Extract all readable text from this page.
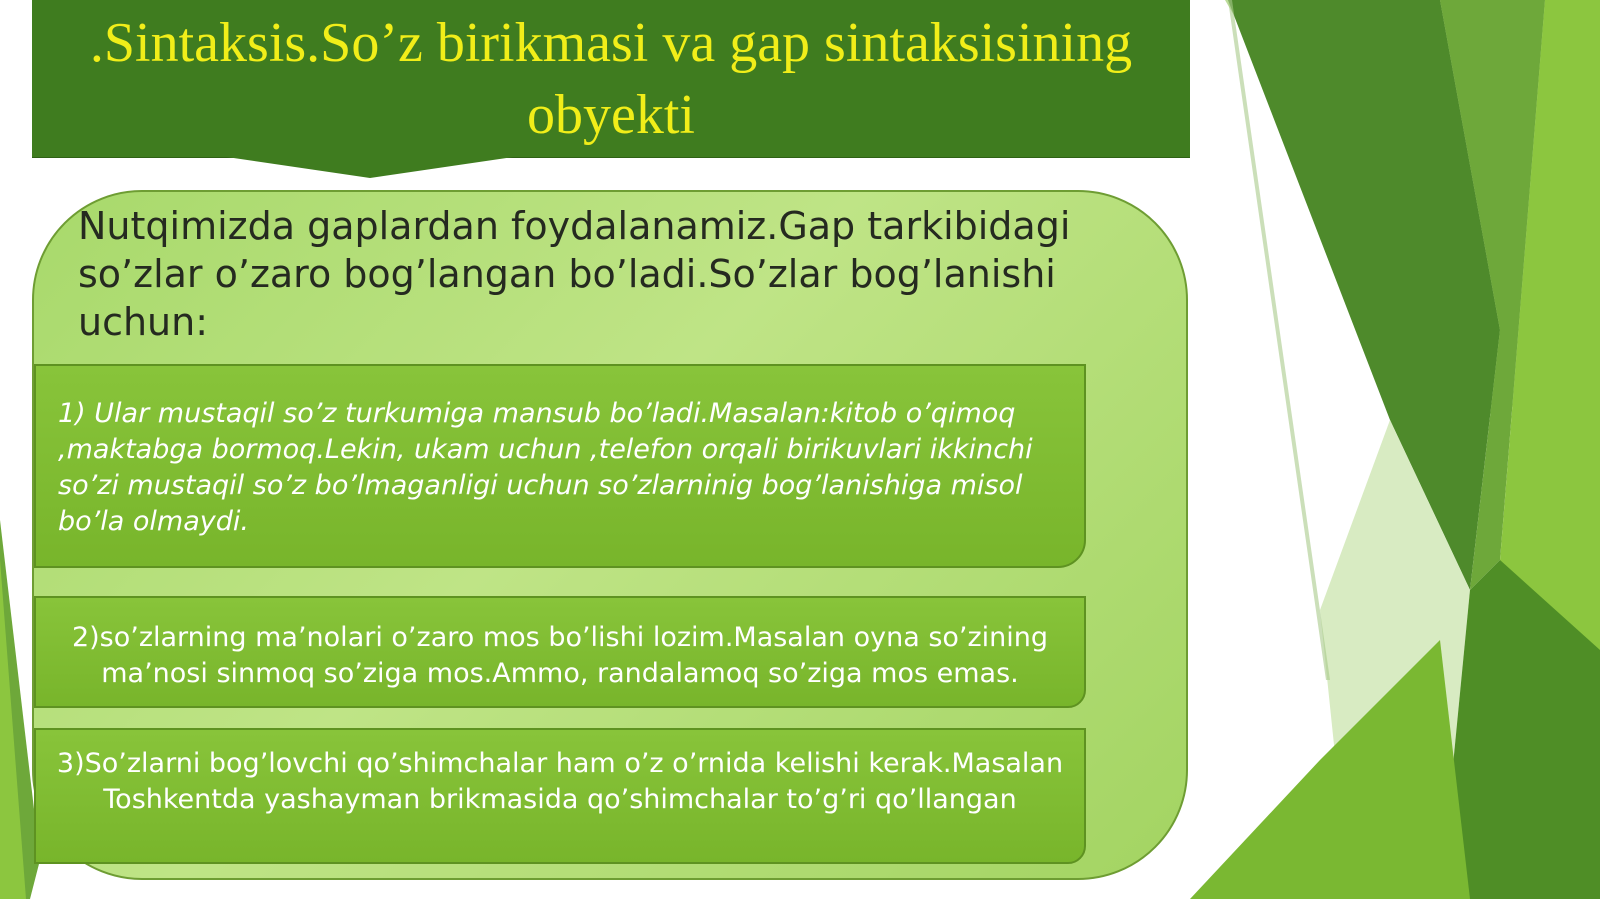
.Sintaksis.So’z birikmasi va gap sintaksisining obyekti

Nutqimizda gaplardan foydalanamiz.Gap tarkibidagi so’zlar o’zaro bog’langan bo’ladi.So’zlar bog’lanishi uchun:

1) Ular mustaqil so’z turkumiga mansub bo’ladi.Masalan:kitob o’qimoq ,maktabga bormoq.Lekin, ukam uchun ,telefon orqali birikuvlari ikkinchi so’zi mustaqil so’z bo’lmaganligi uchun so’zlarninig bog’lanishiga misol bo’la olmaydi.
2)so’zlarning ma’nolari o’zaro mos bo’lishi lozim.Masalan oyna so’zining ma’nosi sinmoq so’ziga mos.Ammo, randalamoq so’ziga mos emas.
3)So’zlarni bog’lovchi qo’shimchalar ham o’z o’rnida kelishi kerak.Masalan Toshkentda yashayman brikmasida qo’shimchalar to’g’ri qo’llangan
